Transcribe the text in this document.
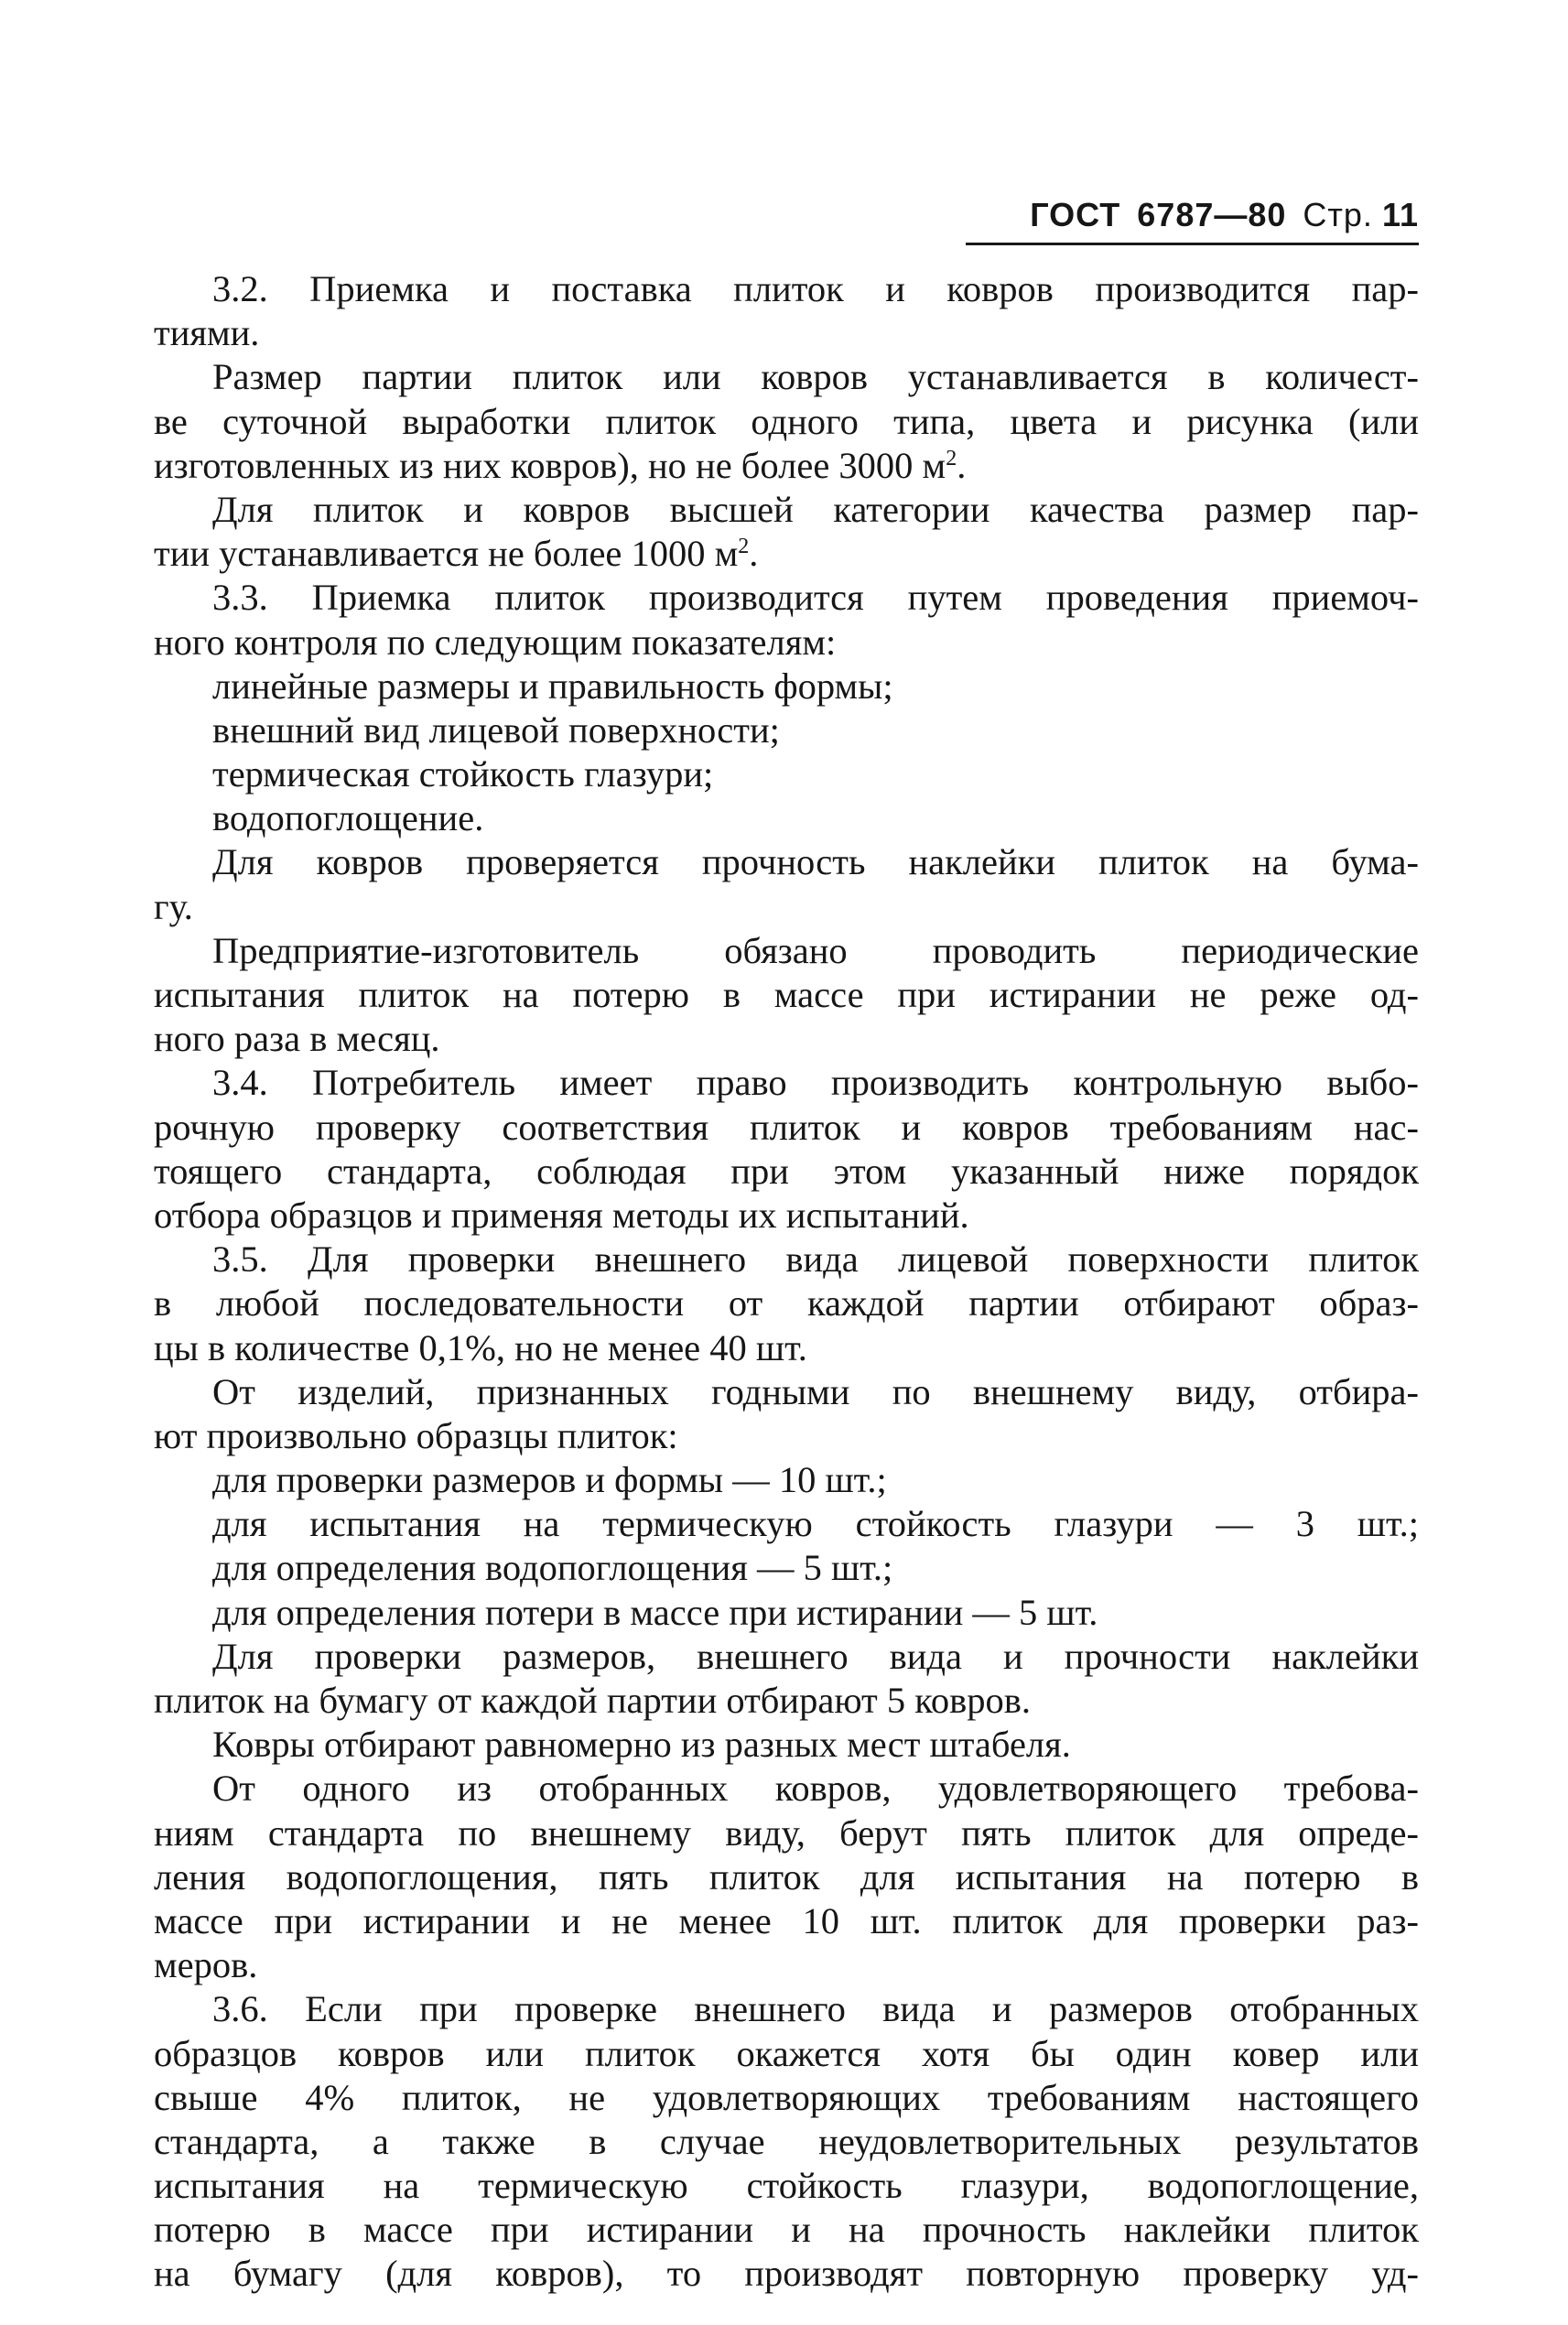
ГОСТ 6787—80 Стр. 11
3.2. Приемка и поставка плиток и ковров производится пар-
тиями.
Размер партии плиток или ковров устанавливается в количест-
ве суточной выработки плиток одного типа, цвета и рисунка (или
изготовленных из них ковров), но не более 3000 $м^2$.
Для плиток и ковров высшей категории качества размер пар-
тии устанавливается не более 1000 $м^2$.
3.3. Приемка плиток производится путем проведения приемоч-
ного контроля по следующим показателям:
линейные размеры и правильность формы;
внешний вид лицевой поверхности;
термическая стойкость глазури;
водопоглощение.
Для ковров проверяется прочность наклейки плиток на бума-
гу.
Предприятие-изготовитель обязано проводить периодические
испытания плиток на потерю в массе при истирании не реже од-
ного раза в месяц.
3.4. Потребитель имеет право производить контрольную выбо-
рочную проверку соответствия плиток и ковров требованиям нас-
тоящего стандарта, соблюдая при этом указанный ниже порядок
отбора образцов и применяя методы их испытаний.
3.5. Для проверки внешнего вида лицевой поверхности плиток
в любой последовательности от каждой партии отбирают образ-
цы в количестве 0,1%, но не менее 40 шт.
От изделий, признанных годными по внешнему виду, отбира-
ют произвольно образцы плиток:
для проверки размеров и формы — 10 шт.;
для испытания на термическую стойкость глазури — 3 шт.;
для определения водопоглощения — 5 шт.;
для определения потери в массе при истирании — 5 шт.
Для проверки размеров, внешнего вида и прочности наклейки
плиток на бумагу от каждой партии отбирают 5 ковров.
Ковры отбирают равномерно из разных мест штабеля.
От одного из отобранных ковров, удовлетворяющего требова-
ниям стандарта по внешнему виду, берут пять плиток для опреде-
ления водопоглощения, пять плиток для испытания на потерю в
массе при истирании и не менее 10 шт. плиток для проверки раз-
меров.
3.6. Если при проверке внешнего вида и размеров отобранных
образцов ковров или плиток окажется хотя бы один ковер или
свыше 4% плиток, не удовлетворяющих требованиям настоящего
стандарта, а также в случае неудовлетворительных результатов
испытания на термическую стойкость глазури, водопоглощение,
потерю в массе при истирании и на прочность наклейки плиток
на бумагу (для ковров), то производят повторную проверку уд-
